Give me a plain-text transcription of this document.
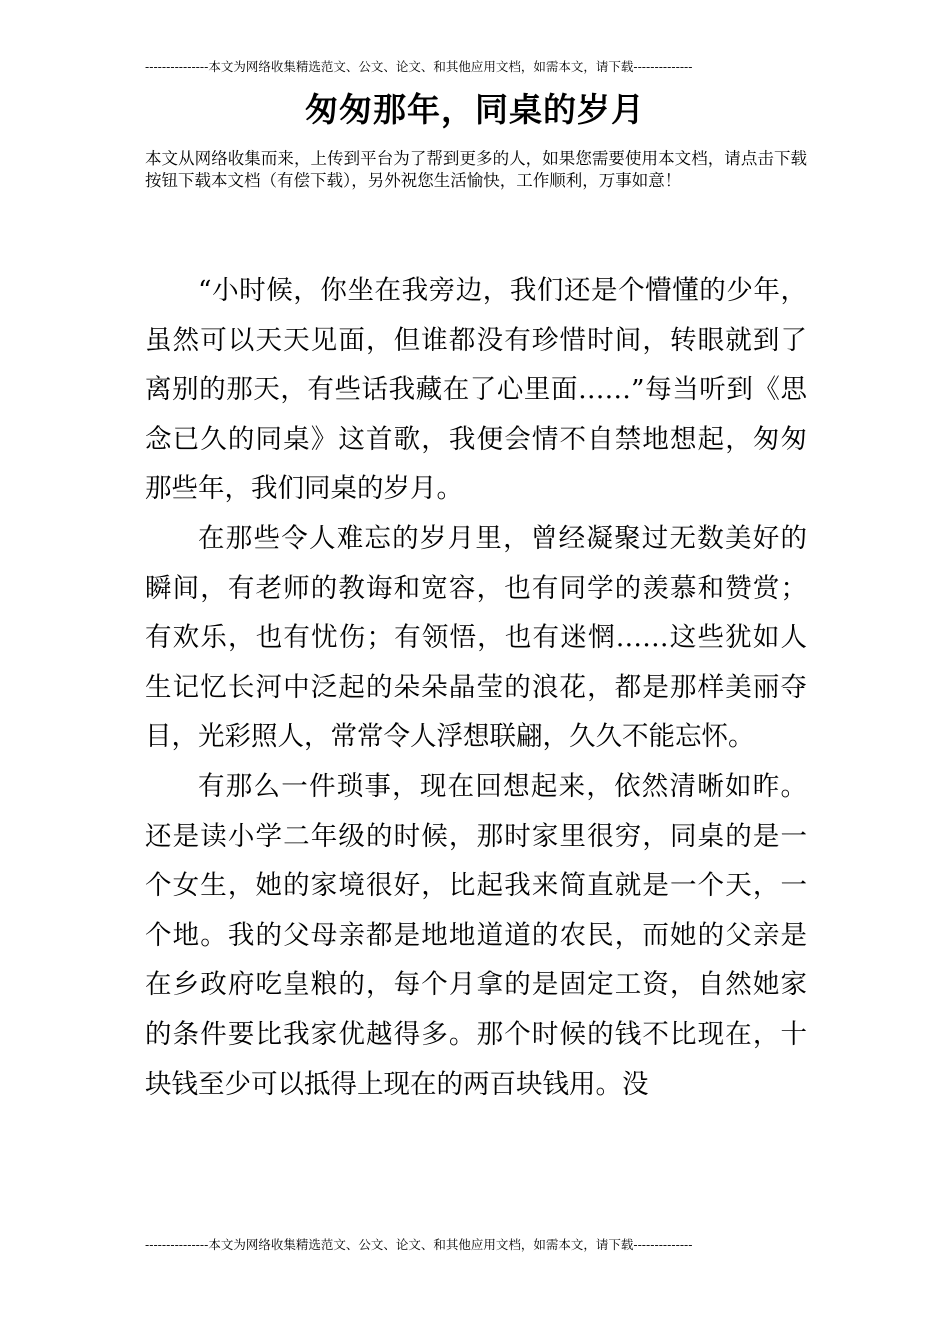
---------------本文为网络收集精选范文、公文、论文、和其他应用文档，如需本文，请下载--------------
匆匆那年，同桌的岁月
本文从网络收集而来，上传到平台为了帮到更多的人，如果您需要使用本文档，请点击下载按钮下载本文档（有偿下载），另外祝您生活愉快，工作顺利，万事如意！

“小时候，你坐在我旁边，我们还是个懵懂的少年，虽然可以天天见面，但谁都没有珍惜时间，转眼就到了离别的那天，有些话我藏在了心里面……”每当听到《思念已久的同桌》这首歌，我便会情不自禁地想起，匆匆那些年，我们同桌的岁月。

在那些令人难忘的岁月里，曾经凝聚过无数美好的瞬间，有老师的教诲和宽容，也有同学的羡慕和赞赏；有欢乐，也有忧伤；有领悟，也有迷惘……这些犹如人生记忆长河中泛起的朵朵晶莹的浪花，都是那样美丽夺目，光彩照人，常常令人浮想联翩，久久不能忘怀。

有那么一件琐事，现在回想起来，依然清晰如昨。还是读小学二年级的时候，那时家里很穷，同桌的是一个女生，她的家境很好，比起我来简直就是一个天，一个地。我的父母亲都是地地道道的农民，而她的父亲是在乡政府吃皇粮的，每个月拿的是固定工资，自然她家的条件要比我家优越得多。那个时候的钱不比现在，十块钱至少可以抵得上现在的两百块钱用。没

---------------本文为网络收集精选范文、公文、论文、和其他应用文档，如需本文，请下载--------------
